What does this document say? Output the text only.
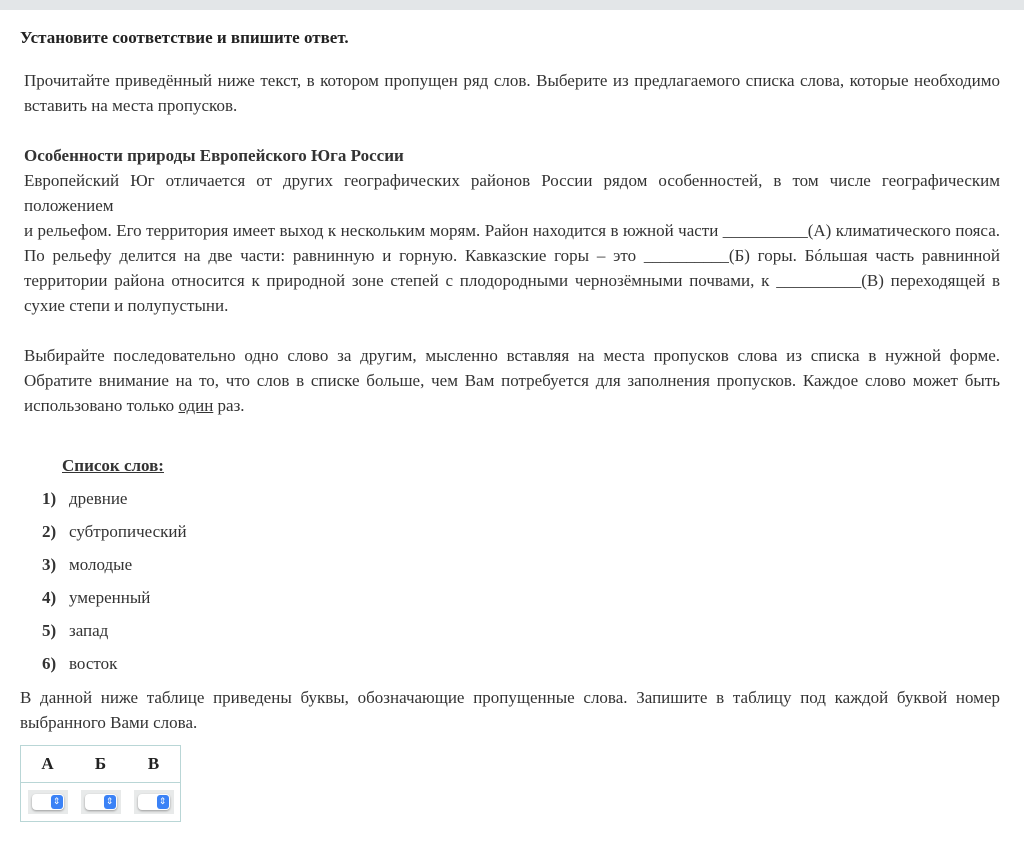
Установите соответствие и впишите ответ.
Прочитайте приведённый ниже текст, в котором пропущен ряд слов. Выберите из предлагаемого списка слова, которые необходимо вставить на места пропусков.
Особенности природы Европейского Юга России
Европейский Юг отличается от других географических районов России рядом особенностей, в том числе географическим положением
и рельефом. Его территория имеет выход к нескольким морям. Район находится в южной части __________(А) климатического пояса. По рельефу делится на две части: равнинную и горную. Кавказские горы – это __________(Б) горы. Бóльшая часть равнинной территории района относится к природной зоне степей с плодородными чернозёмными почвами, к __________(В) переходящей в сухие степи и полупустыни.
Выбирайте последовательно одно слово за другим, мысленно вставляя на места пропусков слова из списка в нужной форме. Обратите внимание на то, что слов в списке больше, чем Вам потребуется для заполнения пропусков. Каждое слово может быть использовано только один раз.
Список слов:
1) древние
2) субтропический
3) молодые
4) умеренный
5) запад
6) восток
В данной ниже таблице приведены буквы, обозначающие пропущенные слова. Запишите в таблицу под каждой буквой номер выбранного Вами слова.
А	Б	В

⇕	⇕	⇕
